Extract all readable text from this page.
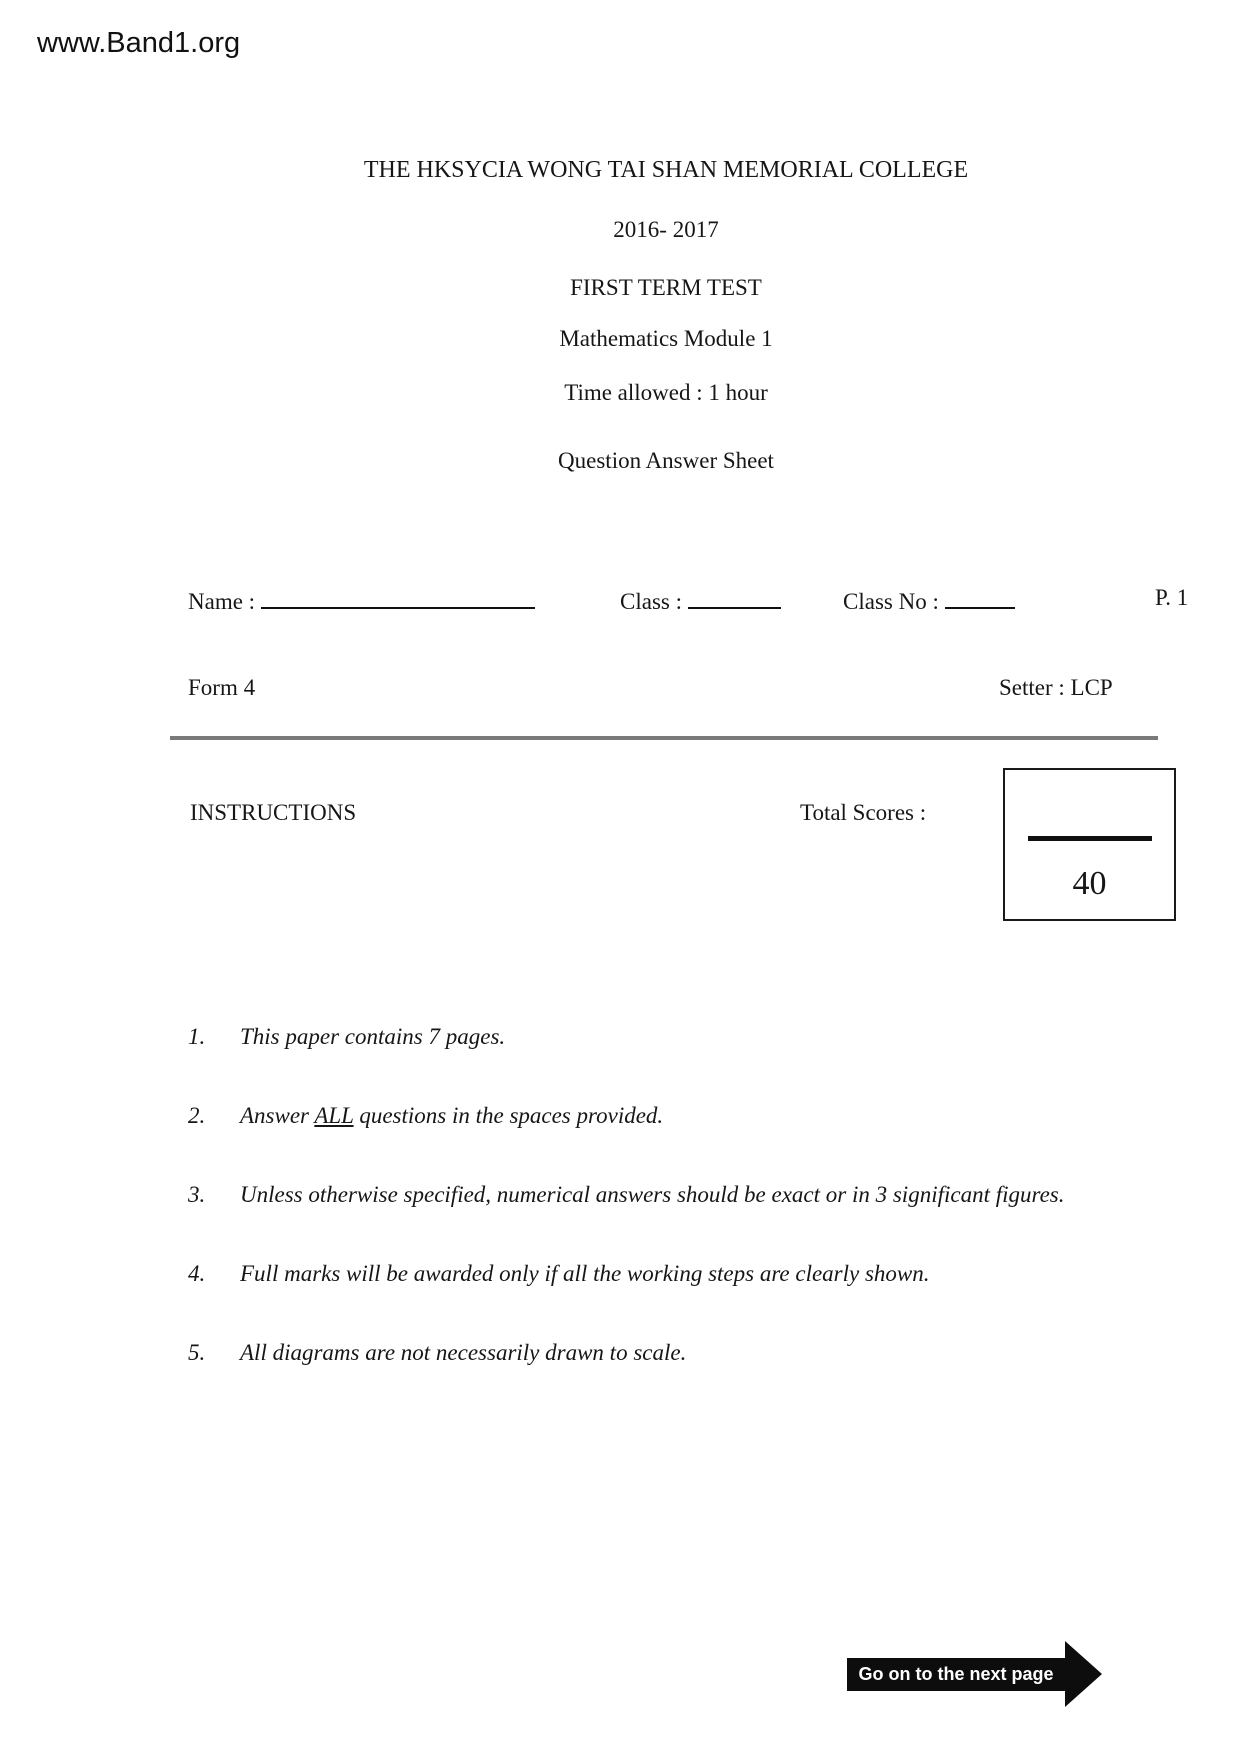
www.Band1.org
THE HKSYCIA WONG TAI SHAN MEMORIAL COLLEGE
2016- 2017
FIRST TERM TEST
Mathematics Module 1
Time allowed : 1 hour
Question Answer Sheet
Name :	Class :	Class No :	P. 1
Form 4	Setter : LCP
INSTRUCTIONS	Total Scores :
40
1. This paper contains 7 pages.
2. Answer ALL questions in the spaces provided.
3. Unless otherwise specified, numerical answers should be exact or in 3 significant figures.
4. Full marks will be awarded only if all the working steps are clearly shown.
5. All diagrams are not necessarily drawn to scale.
Go on to the next page
